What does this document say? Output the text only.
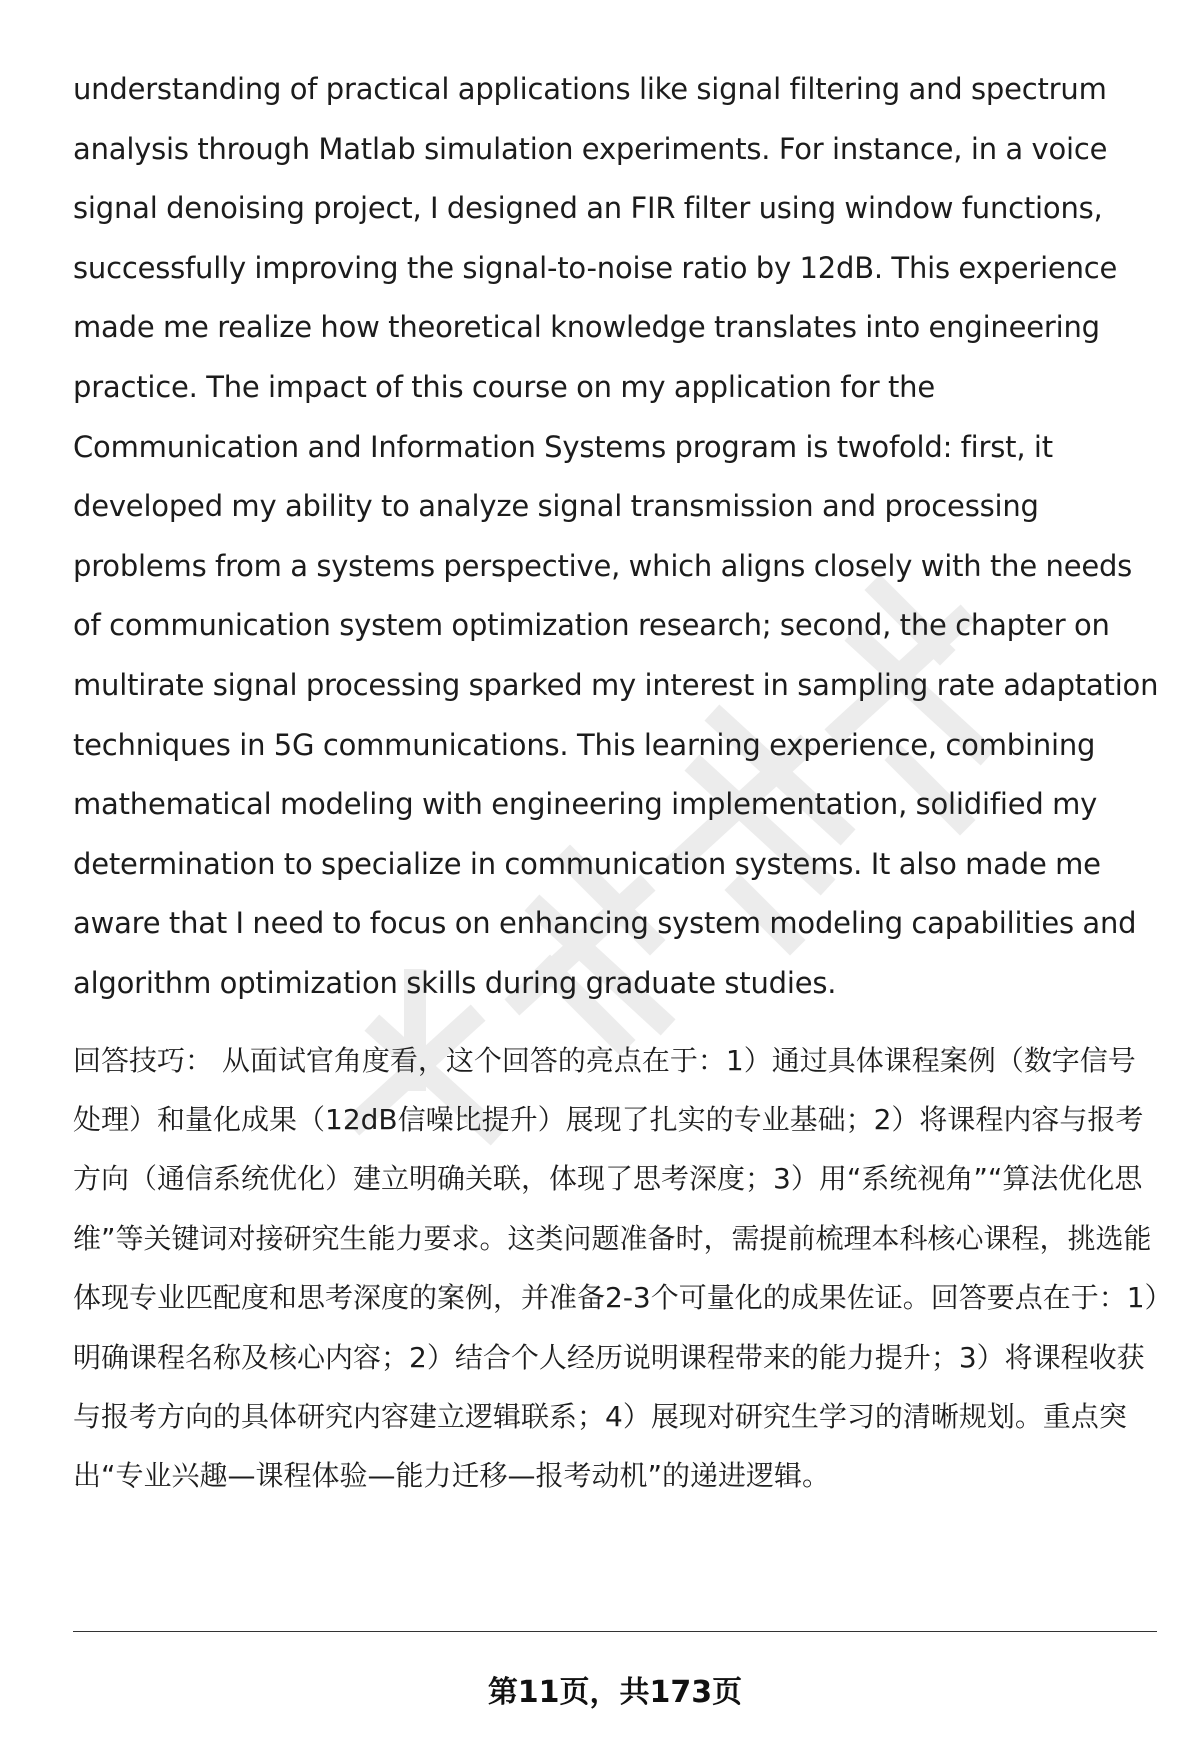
understanding of practical applications like signal filtering and spectrum analysis through Matlab simulation experiments. For instance, in a voice signal denoising project, I designed an FIR filter using window functions, successfully improving the signal-to-noise ratio by 12dB. This experience made me realize how theoretical knowledge translates into engineering practice. The impact of this course on my application for the Communication and Information Systems program is twofold: first, it developed my ability to analyze signal transmission and processing problems from a systems perspective, which aligns closely with the needs of communication system optimization research; second, the chapter on multirate signal processing sparked my interest in sampling rate adaptation techniques in 5G communications. This learning experience, combining mathematical modeling with engineering implementation, solidified my determination to specialize in communication systems. It also made me aware that I need to focus on enhancing system modeling capabilities and algorithm optimization skills during graduate studies.

回答技巧： 从面试官角度看，这个回答的亮点在于：1）通过具体课程案例（数字信号处理）和量化成果（12dB信噪比提升）展现了扎实的专业基础；2）将课程内容与报考方向（通信系统优化）建立明确关联，体现了思考深度；3）用“系统视角”“算法优化思维”等关键词对接研究生能力要求。这类问题准备时，需提前梳理本科核心课程，挑选能体现专业匹配度和思考深度的案例，并准备2-3个可量化的成果佐证。回答要点在于：1）明确课程名称及核心内容；2）结合个人经历说明课程带来的能力提升；3）将课程收获与报考方向的具体研究内容建立逻辑联系；4）展现对研究生学习的清晰规划。重点突出“专业兴趣—课程体验—能力迁移—报考动机”的递进逻辑。

第11页，共173页
